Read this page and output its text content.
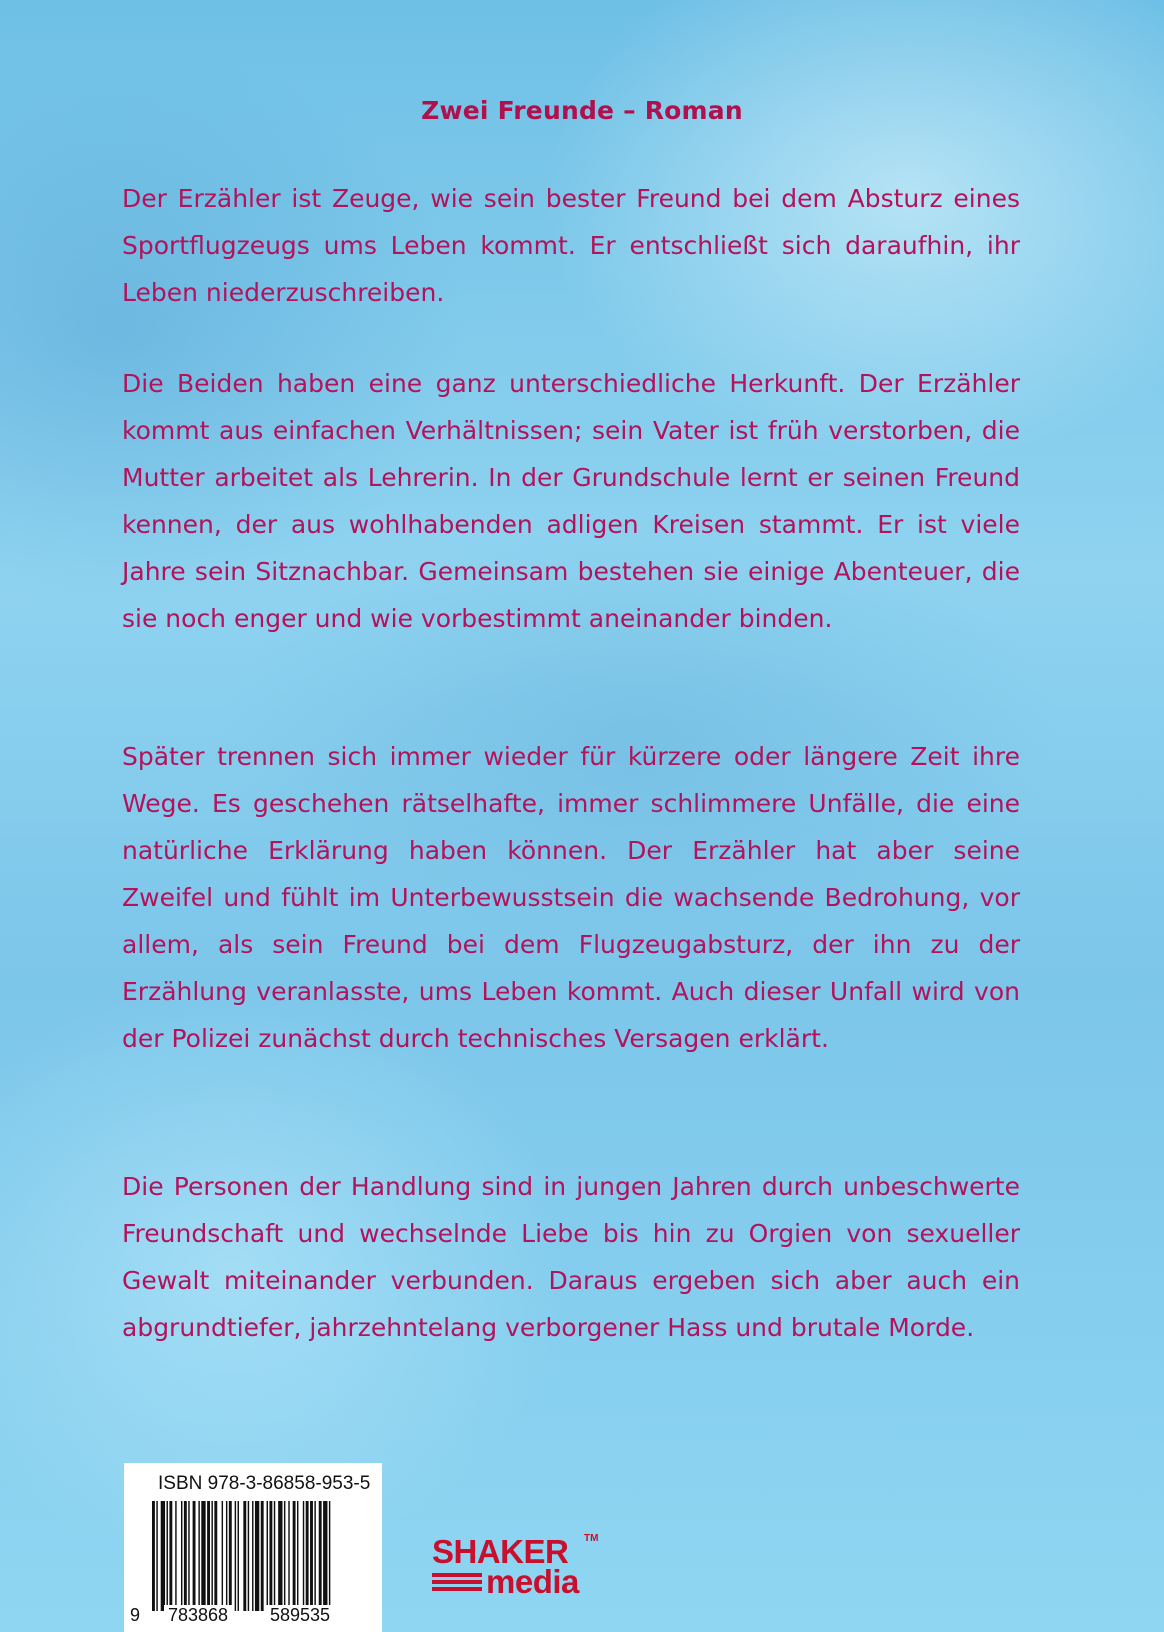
Zwei Freunde – Roman

Der Erzähler ist Zeuge, wie sein bester Freund bei dem Absturz eines Sportflugzeugs ums Leben kommt. Er entschließt sich daraufhin, ihr Leben niederzuschreiben.

Die Beiden haben eine ganz unterschiedliche Herkunft. Der Erzähler kommt aus einfachen Verhältnissen; sein Vater ist früh verstorben, die Mutter arbeitet als Lehrerin. In der Grundschule lernt er seinen Freund kennen, der aus wohlhabenden adligen Kreisen stammt. Er ist viele Jahre sein Sitznachbar. Gemeinsam bestehen sie einige Abenteuer, die sie noch enger und wie vorbestimmt aneinander binden.

Später trennen sich immer wieder für kürzere oder längere Zeit ihre Wege. Es geschehen rätselhafte, immer schlimmere Unfälle, die eine natürliche Erklärung haben können. Der Erzähler hat aber seine Zweifel und fühlt im Unterbewusstsein die wachsende Bedrohung, vor allem, als sein Freund bei dem Flugzeugabsturz, der ihn zu der Erzählung veranlasste, ums Leben kommt. Auch dieser Unfall wird von der Polizei zunächst durch technisches Versagen erklärt.

Die Personen der Handlung sind in jungen Jahren durch unbeschwerte Freundschaft und wechselnde Liebe bis hin zu Orgien von sexueller Gewalt miteinander verbunden. Daraus ergeben sich aber auch ein abgrundtiefer, jahrzehntelang verborgener Hass und brutale Morde.

ISBN 978-3-86858-953-5
9 783868 589535
SHAKER TM
media
